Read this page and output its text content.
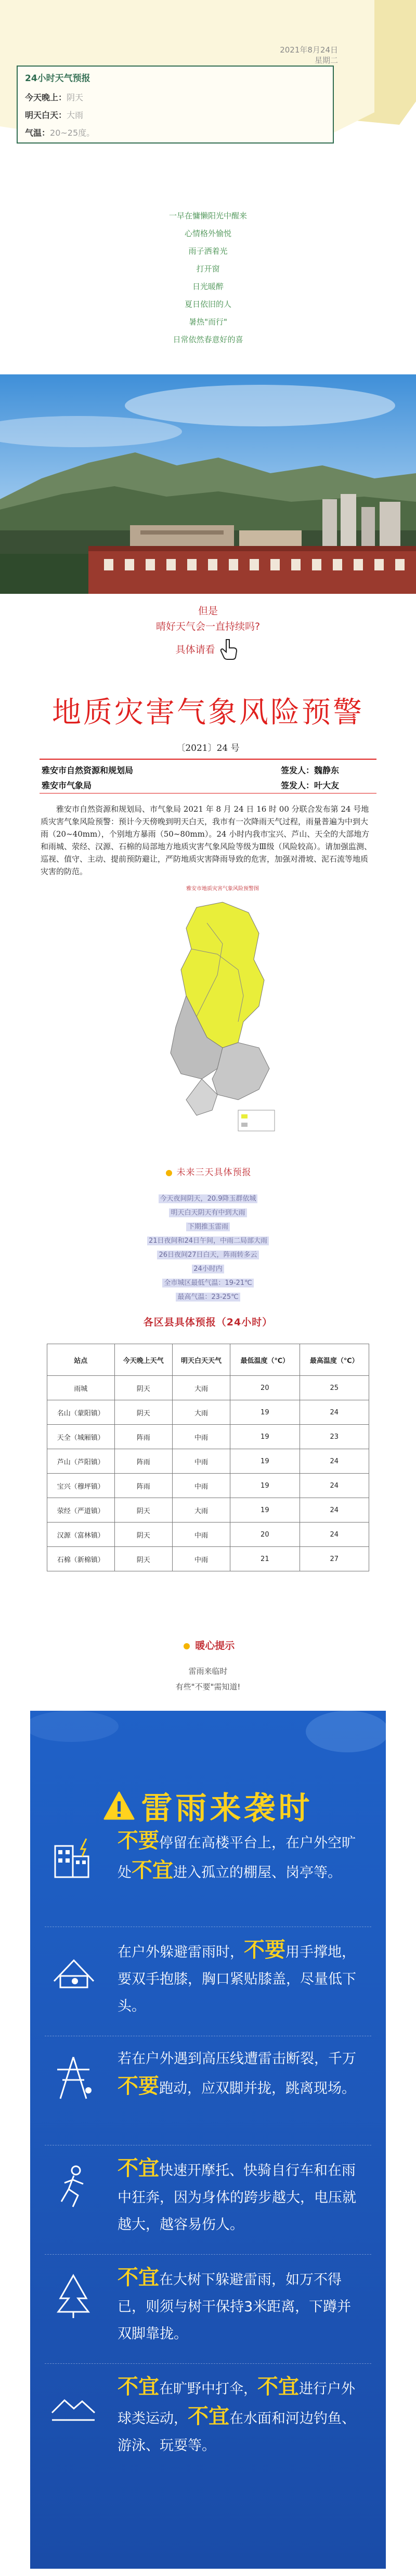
2021年8月24日
星期二
24小时天气预报
今天晚上：阴天
明天白天：大雨
气温：20~25度。
一早在慵懒阳光中醒来
心情格外愉悦
雨子洒着光
打开窗
日光暖醉
夏日依旧的人
暑热"而行"
日常依然春意好的喜
但是
晴好天气会一直持续吗?
具体请看
地质灾害气象风险预警
〔2021〕24 号
雅安市自然资源和规划局	签发人：魏静东
雅安市气象局	签发人：叶大友
雅安市自然资源和规划局、市气象局 2021 年 8 月 24 日 16 时 00 分联合发布第 24 号地质灾害气象风险预警：预计今天傍晚到明天白天，我市有一次降雨天气过程，雨量普遍为中到大雨（20~40mm），个别地方暴雨（50~80mm）。24 小时内我市宝兴、芦山、天全的大部地方和雨城、荥经、汉源、石棉的局部地方地质灾害气象风险等级为Ⅲ级（风险较高）。请加强监测、巡视、值守、主动、提前预防避让，严防地质灾害降雨导致的危害，加强对滑坡、泥石流等地质灾害的防范。
雅安市地质灾害气象风险预警图
未来三天具体预报
今天夜间阴天，20.9降玉群依城
明天白天阴天有中到大雨
下期推玉雷雨
21日夜间和24日午间，中雨二局部大雨
26日夜间27日白天，阵雨转多云
24小时内
全市城区最低气温：19-21℃
最高气温：23-25℃
各区县具体预报（24小时）
站点	今天晚上天气	明天白天天气	最低温度（℃）	最高温度（℃）
雨城	阴天	大雨	20	25
名山（蒙阳镇）	阴天	大雨	19	24
天全（城厢镇）	阵雨	中雨	19	23
芦山（芦阳镇）	阵雨	中雨	19	24
宝兴（穆坪镇）	阵雨	中雨	19	24
荥经（严道镇）	阴天	大雨	19	24
汉源（富林镇）	阴天	中雨	20	24
石棉（新棉镇）	阴天	中雨	21	27
暖心提示
雷雨来临时
有些"不要"需知道!
雷雨来袭时
不要停留在高楼平台上，在户外空旷处不宜进入孤立的棚屋、岗亭等。
在户外躲避雷雨时，不要用手撑地，要双手抱膝，胸口紧贴膝盖，尽量低下头。
若在户外遇到高压线遭雷击断裂，千万不要跑动，应双脚并拢，跳离现场。
不宜快速开摩托、快骑自行车和在雨中狂奔，因为身体的跨步越大，电压就越大，越容易伤人。
不宜在大树下躲避雷雨，如万不得已，则须与树干保持3米距离，下蹲并双脚靠拢。
不宜在旷野中打伞，不宜进行户外球类运动，不宜在水面和河边钓鱼、游泳、玩耍等。
